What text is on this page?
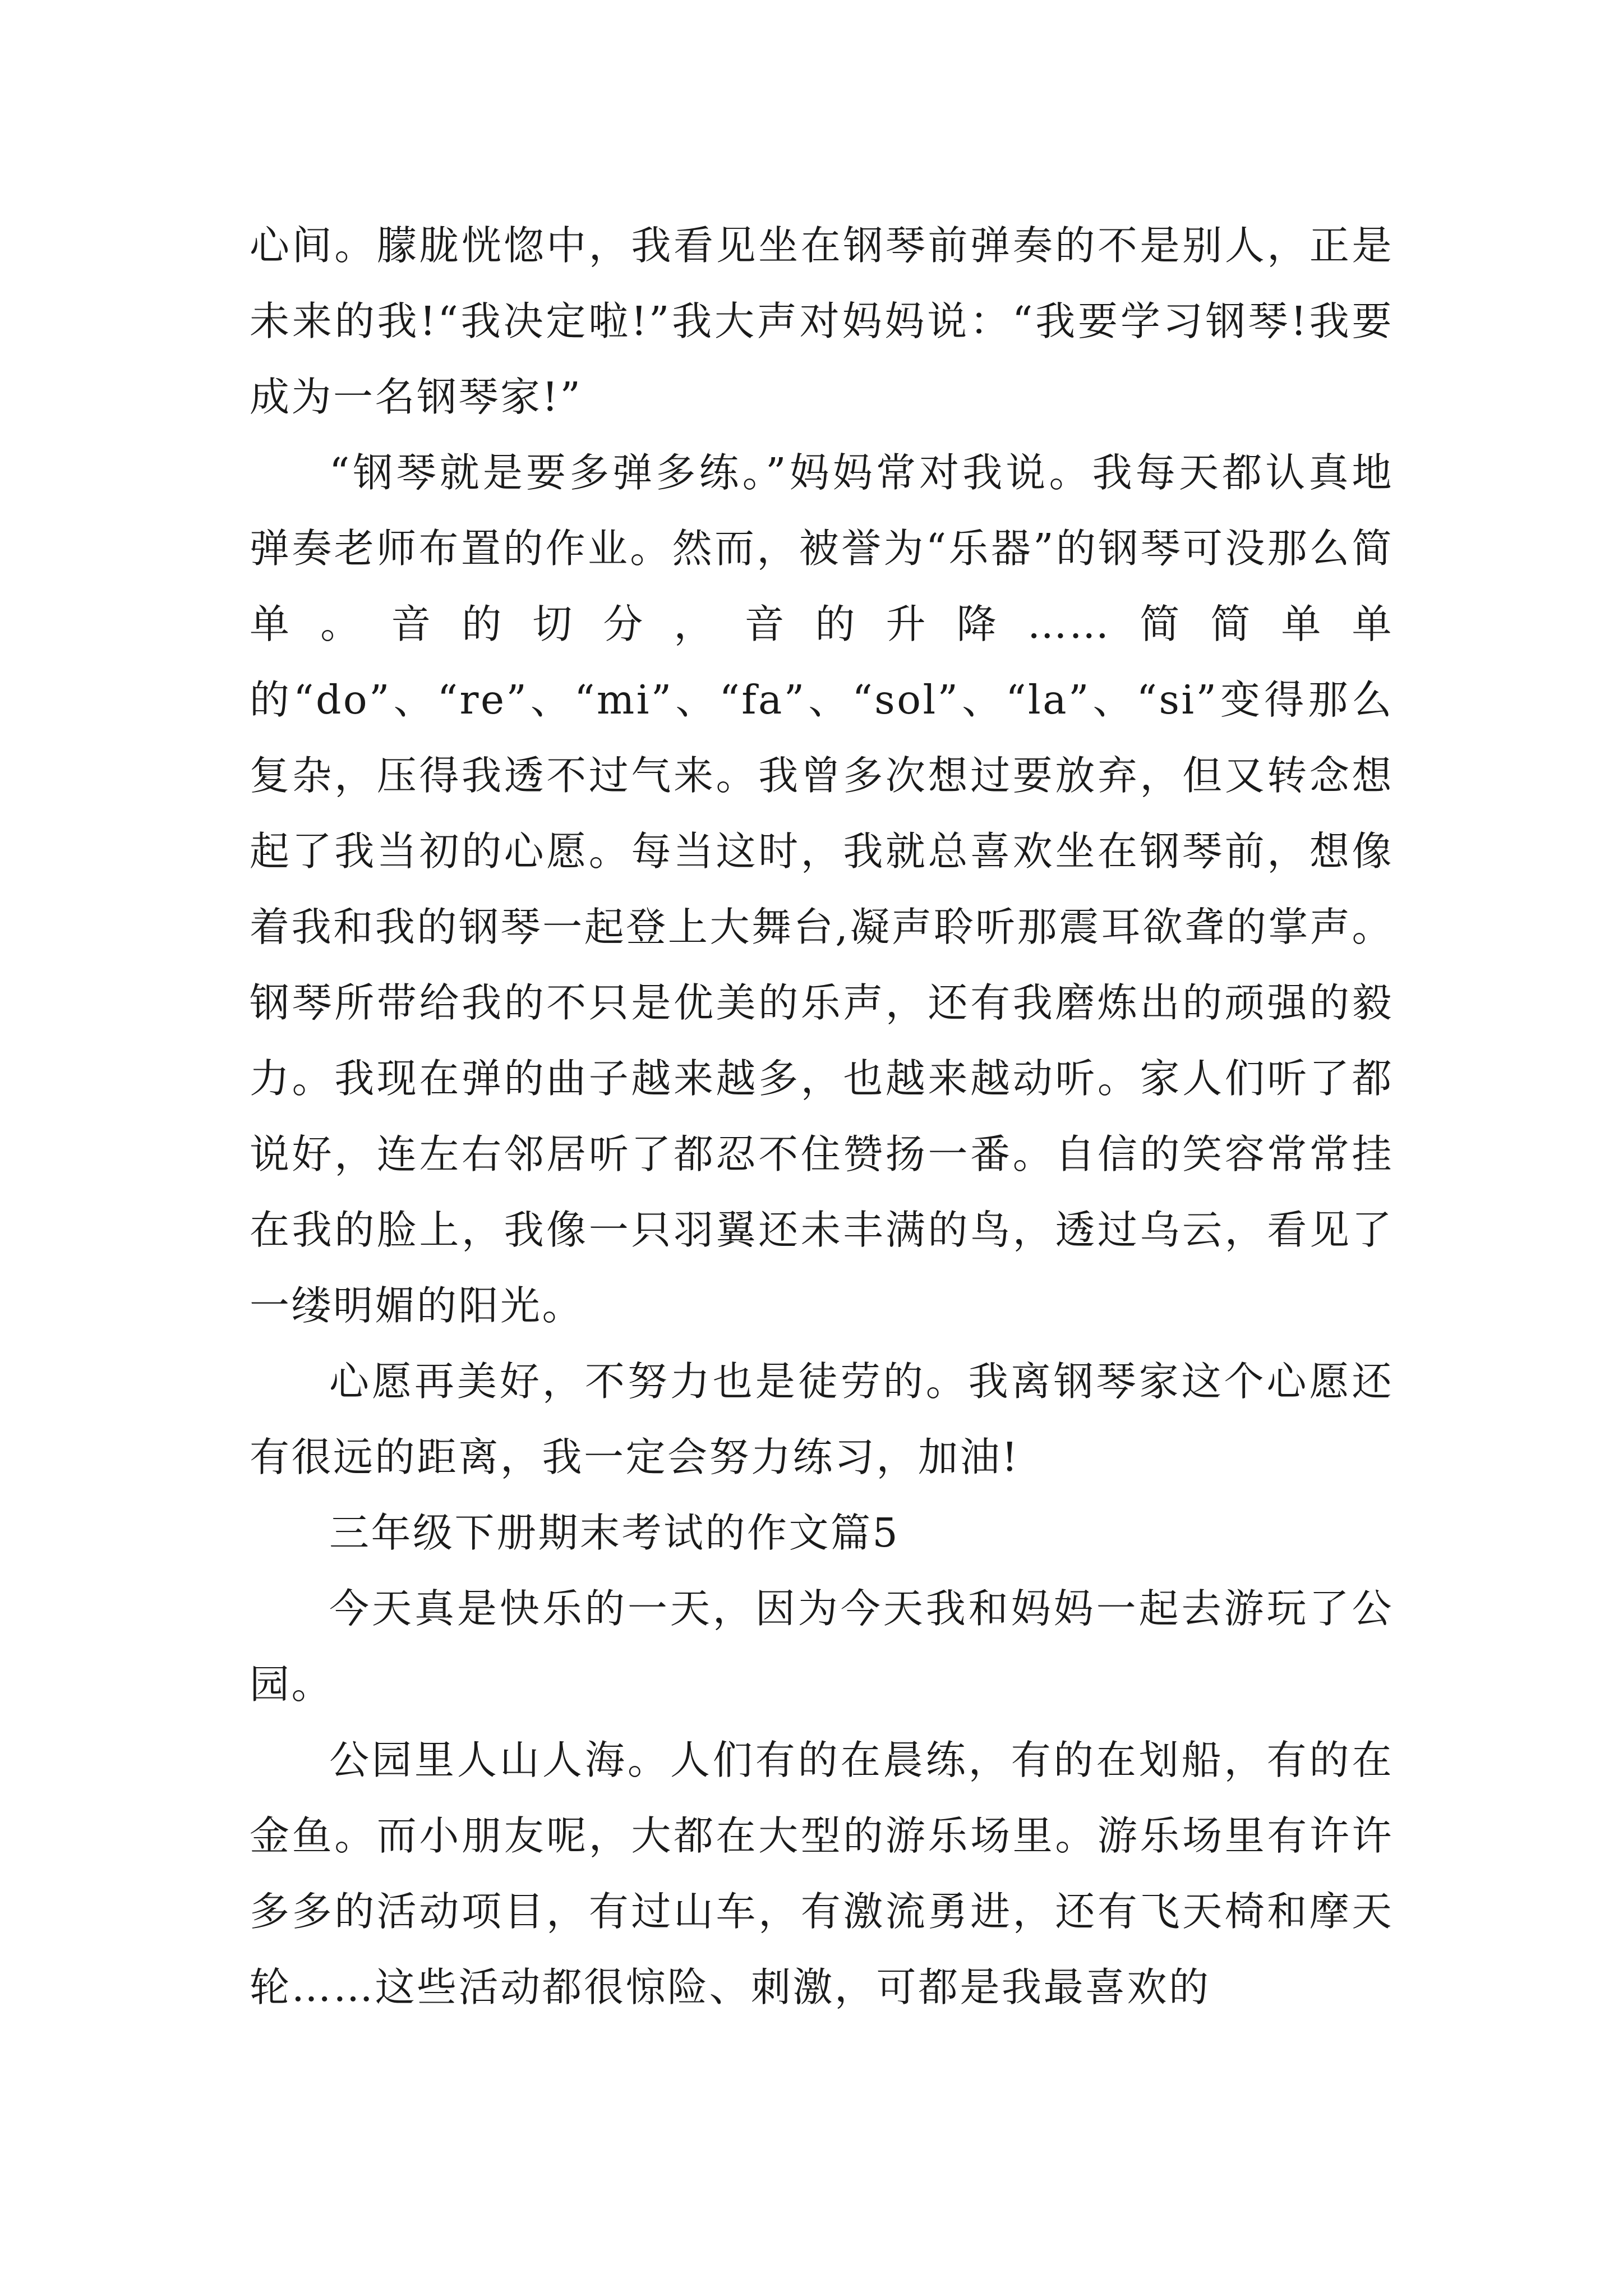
心间。朦胧恍惚中，我看见坐在钢琴前弹奏的不是别人，正是未来的我!“我决定啦!”我大声对妈妈说：“我要学习钢琴!我要成为一名钢琴家!”

“钢琴就是要多弹多练。”妈妈常对我说。我每天都认真地弹奏老师布置的作业。然而，被誉为“乐器”的钢琴可没那么简单。音的切分，音的升降……简简单单的“do”、“re”、“mi”、“fa”、“sol”、“la”、“si”变得那么复杂，压得我透不过气来。我曾多次想过要放弃，但又转念想起了我当初的心愿。每当这时，我就总喜欢坐在钢琴前，想像着我和我的钢琴一起登上大舞台,凝声聆听那震耳欲聋的掌声。钢琴所带给我的不只是优美的乐声，还有我磨炼出的顽强的毅力。我现在弹的曲子越来越多，也越来越动听。家人们听了都说好，连左右邻居听了都忍不住赞扬一番。自信的笑容常常挂在我的脸上，我像一只羽翼还未丰满的鸟，透过乌云，看见了一缕明媚的阳光。

心愿再美好，不努力也是徒劳的。我离钢琴家这个心愿还有很远的距离，我一定会努力练习，加油!

三年级下册期末考试的作文篇5

今天真是快乐的一天，因为今天我和妈妈一起去游玩了公园。

公园里人山人海。人们有的在晨练，有的在划船，有的在金鱼。而小朋友呢，大都在大型的游乐场里。游乐场里有许许多多的活动项目，有过山车，有激流勇进，还有飞天椅和摩天轮……这些活动都很惊险、刺激，可都是我最喜欢的
